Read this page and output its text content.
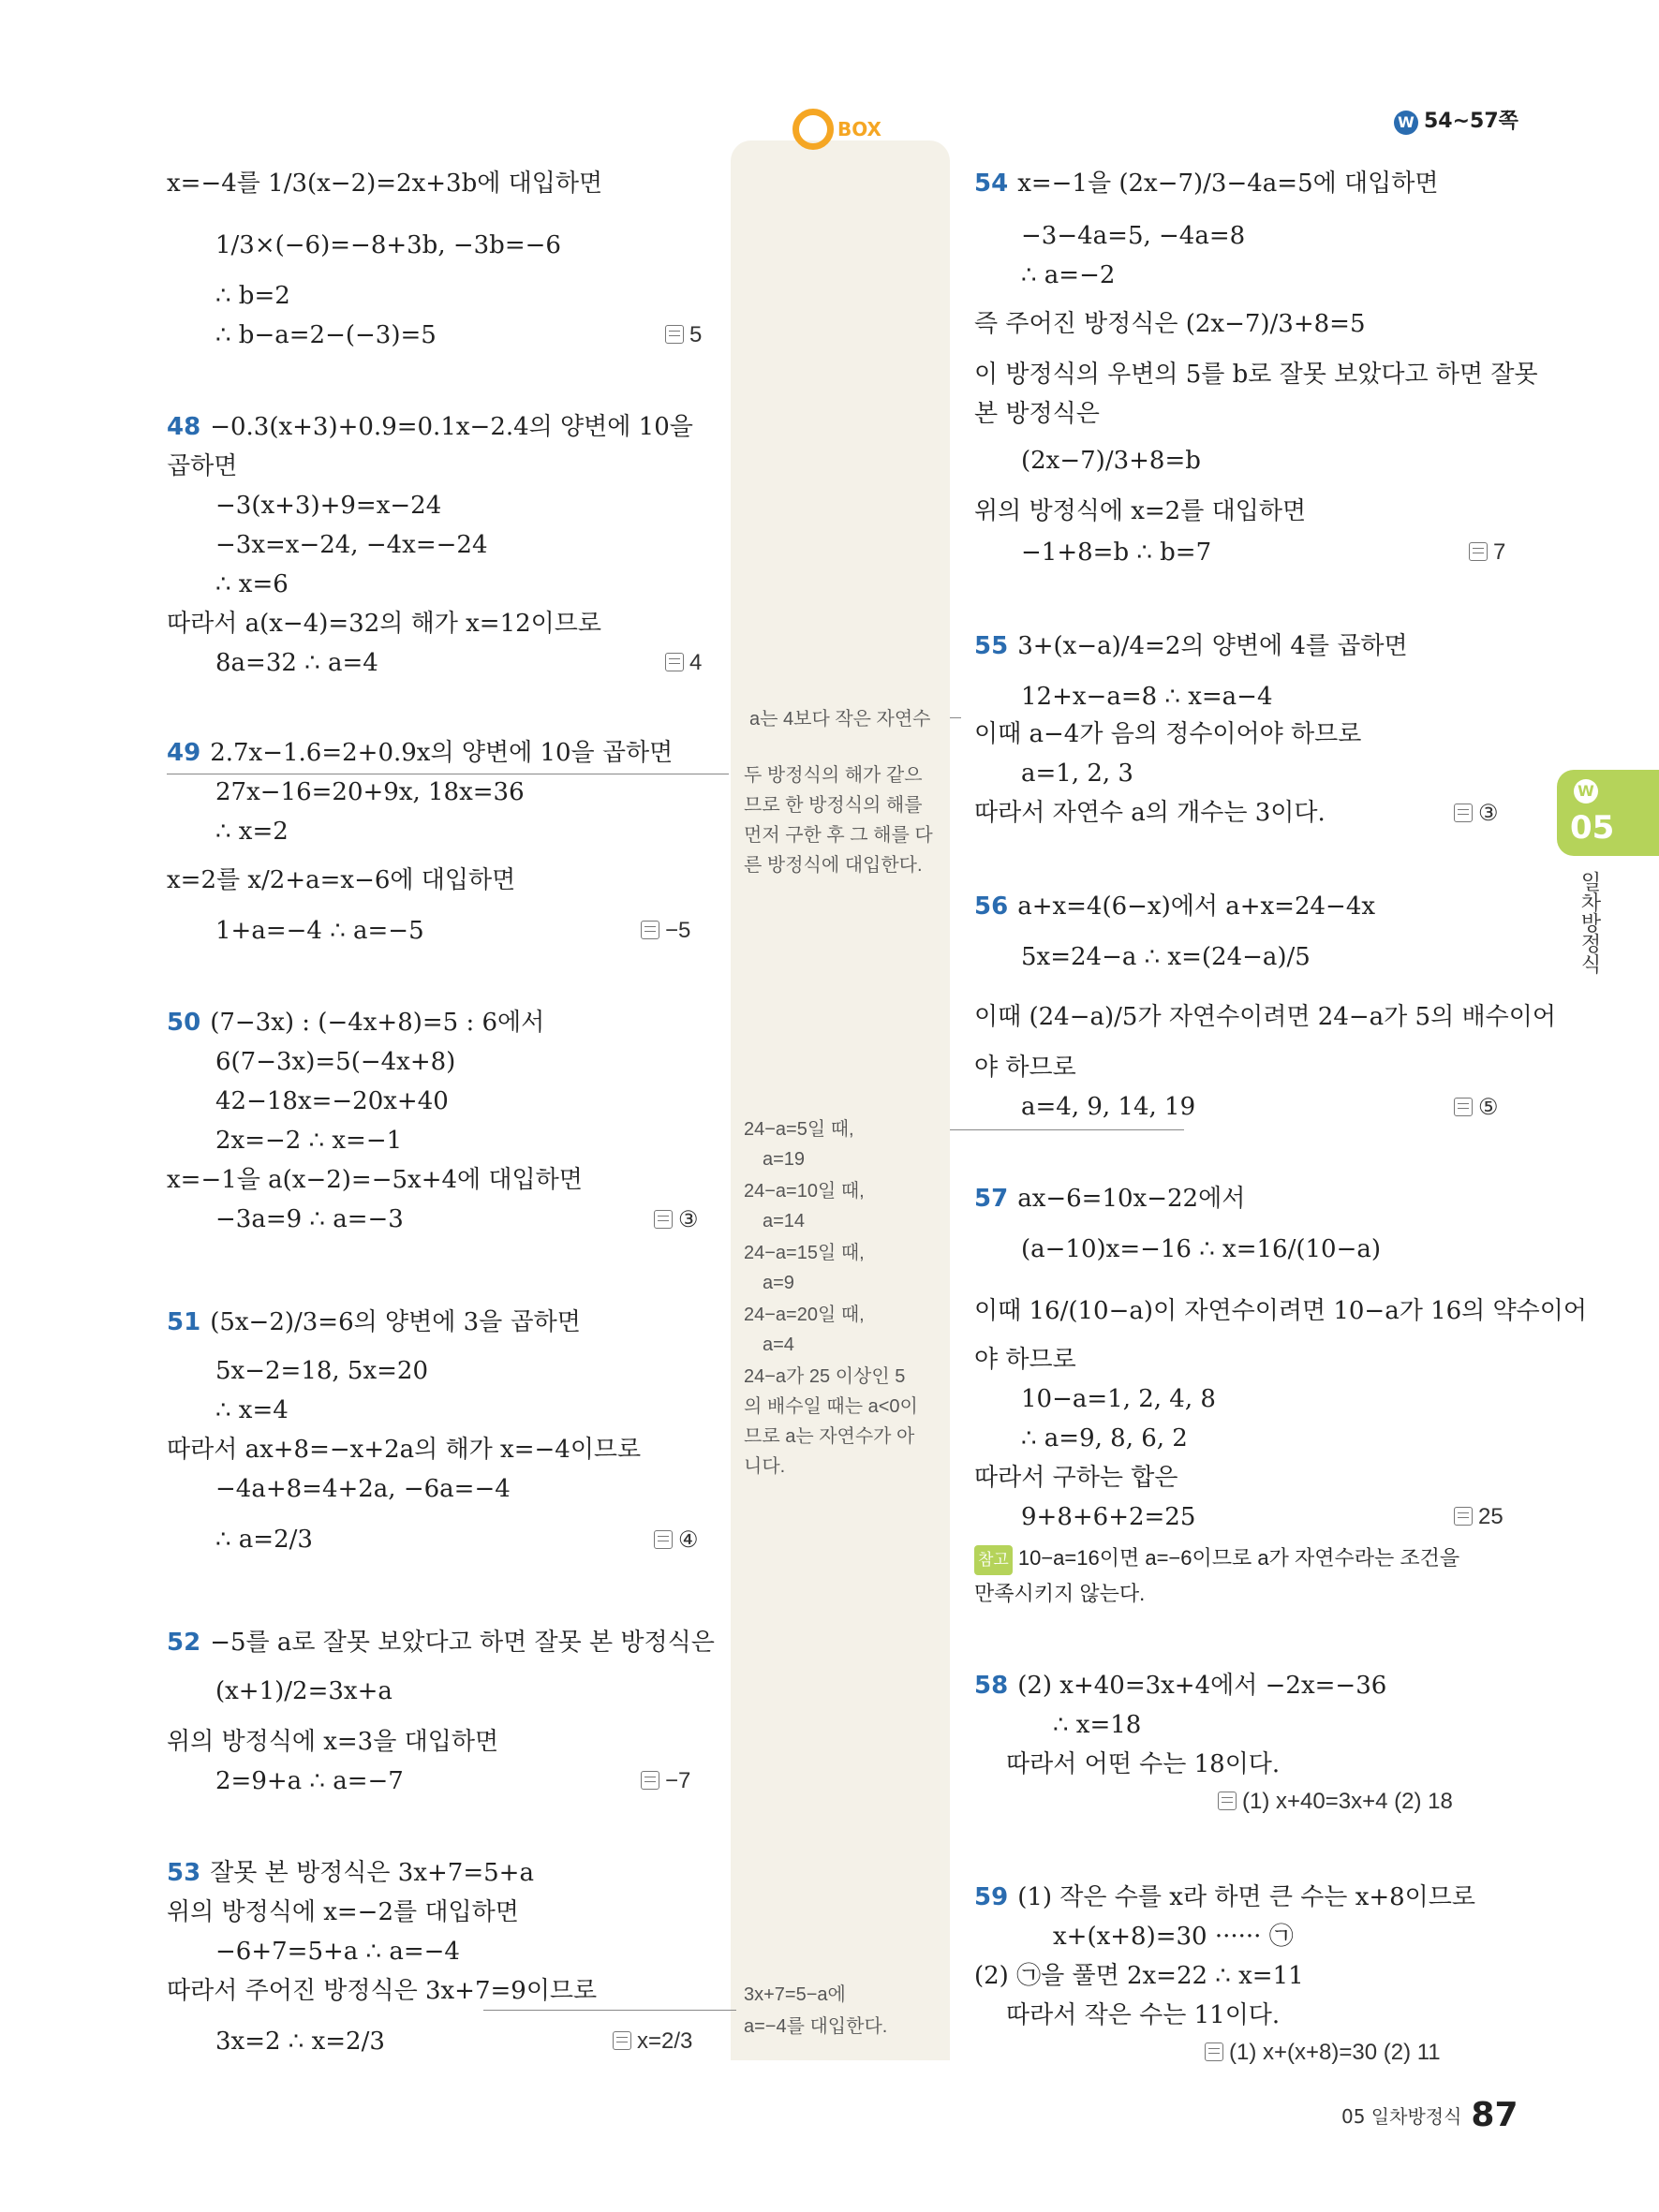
BOX	W 54~57쪽
W
05
일차방정식
x=−4를 1/3(x−2)=2x+3b에 대입하면
1/3×(−6)=−8+3b, −3b=−6
∴ b=2
∴ b−a=2−(−3)=5	5
48 −0.3(x+3)+0.9=0.1x−2.4의 양변에 10을
곱하면
−3(x+3)+9=x−24
−3x=x−24, −4x=−24
∴ x=6
따라서 a(x−4)=32의 해가 x=12이므로
8a=32 ∴ a=4	4
49 2.7x−1.6=2+0.9x의 양변에 10을 곱하면
27x−16=20+9x, 18x=36
∴ x=2
x=2를 x/2+a=x−6에 대입하면
1+a=−4 ∴ a=−5	−5
50 (7−3x) : (−4x+8)=5 : 6에서
6(7−3x)=5(−4x+8)
42−18x=−20x+40
2x=−2 ∴ x=−1
x=−1을 a(x−2)=−5x+4에 대입하면
−3a=9 ∴ a=−3	③
51 (5x−2)/3=6의 양변에 3을 곱하면
5x−2=18, 5x=20
∴ x=4
따라서 ax+8=−x+2a의 해가 x=−4이므로
−4a+8=4+2a, −6a=−4
∴ a=2/3	④
52 −5를 a로 잘못 보았다고 하면 잘못 본 방정식은
(x+1)/2=3x+a
위의 방정식에 x=3을 대입하면
2=9+a ∴ a=−7	−7
53 잘못 본 방정식은 3x+7=5+a
위의 방정식에 x=−2를 대입하면
−6+7=5+a ∴ a=−4
따라서 주어진 방정식은 3x+7=9이므로
3x=2 ∴ x=2/3	x=2/3
a는 4보다 작은 자연수
두 방정식의 해가 같으
므로 한 방정식의 해를
먼저 구한 후 그 해를 다
른 방정식에 대입한다.
24−a=5일 때,
a=19
24−a=10일 때,
a=14
24−a=15일 때,
a=9
24−a=20일 때,
a=4
24−a가 25 이상인 5
의 배수일 때는 a<0이
므로 a는 자연수가 아
니다.
3x+7=5−a에
a=−4를 대입한다.
54 x=−1을 (2x−7)/3−4a=5에 대입하면
−3−4a=5, −4a=8
∴ a=−2
즉 주어진 방정식은 (2x−7)/3+8=5
이 방정식의 우변의 5를 b로 잘못 보았다고 하면 잘못
본 방정식은
(2x−7)/3+8=b
위의 방정식에 x=2를 대입하면
−1+8=b ∴ b=7	7
55 3+(x−a)/4=2의 양변에 4를 곱하면
12+x−a=8 ∴ x=a−4
이때 a−4가 음의 정수이어야 하므로
a=1, 2, 3
따라서 자연수 a의 개수는 3이다.	③
56 a+x=4(6−x)에서 a+x=24−4x
5x=24−a ∴ x=(24−a)/5
이때 (24−a)/5가 자연수이려면 24−a가 5의 배수이어
야 하므로
a=4, 9, 14, 19	⑤
57 ax−6=10x−22에서
(a−10)x=−16 ∴ x=16/(10−a)
이때 16/(10−a)이 자연수이려면 10−a가 16의 약수이어
야 하므로
10−a=1, 2, 4, 8
∴ a=9, 8, 6, 2
따라서 구하는 합은
9+8+6+2=25	25
참고 10−a=16이면 a=−6이므로 a가 자연수라는 조건을
만족시키지 않는다.
58 (2) x+40=3x+4에서 −2x=−36
∴ x=18
따라서 어떤 수는 18이다.
(1) x+40=3x+4 (2) 18
59 (1) 작은 수를 x라 하면 큰 수는 x+8이므로
x+(x+8)=30 ······ ㉠
(2) ㉠을 풀면 2x=22 ∴ x=11
따라서 작은 수는 11이다.
(1) x+(x+8)=30 (2) 11
05 일차방정식 87
